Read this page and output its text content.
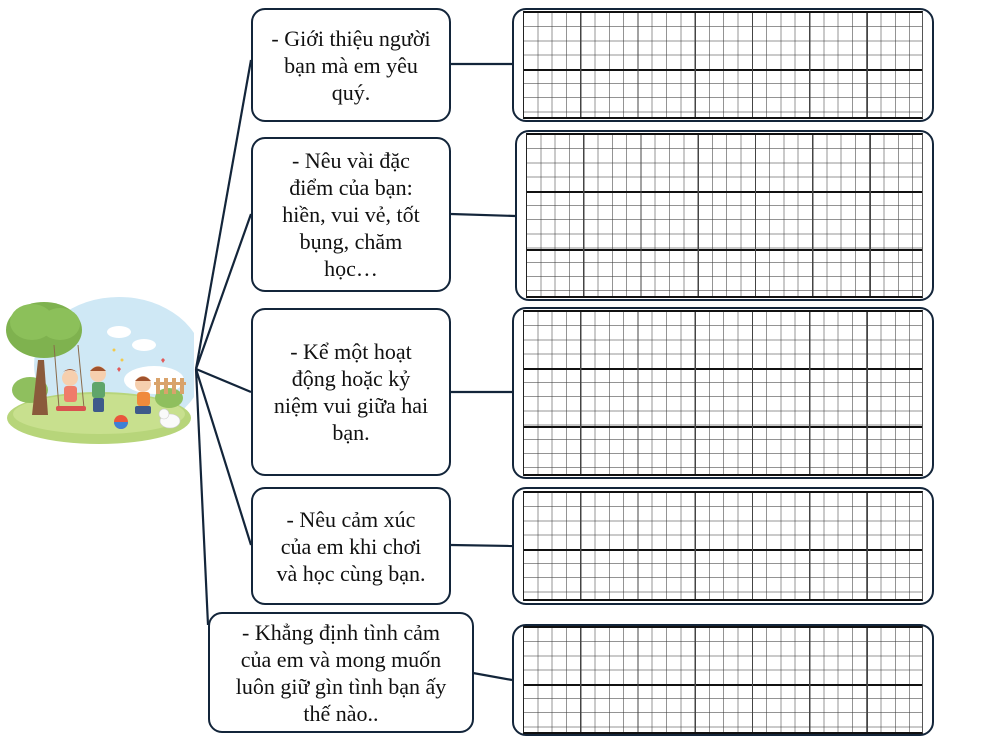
- Giới thiệu người
bạn mà em yêu
quý.
- Nêu vài đặc
điểm của bạn:
hiền, vui vẻ, tốt
bụng, chăm
học…
- Kể một hoạt
động hoặc kỷ
niệm vui giữa hai
bạn.
- Nêu cảm xúc
của em khi chơi
và học cùng bạn.
- Khẳng định tình cảm
của em và mong muốn
luôn giữ gìn tình bạn ấy
thế nào..
